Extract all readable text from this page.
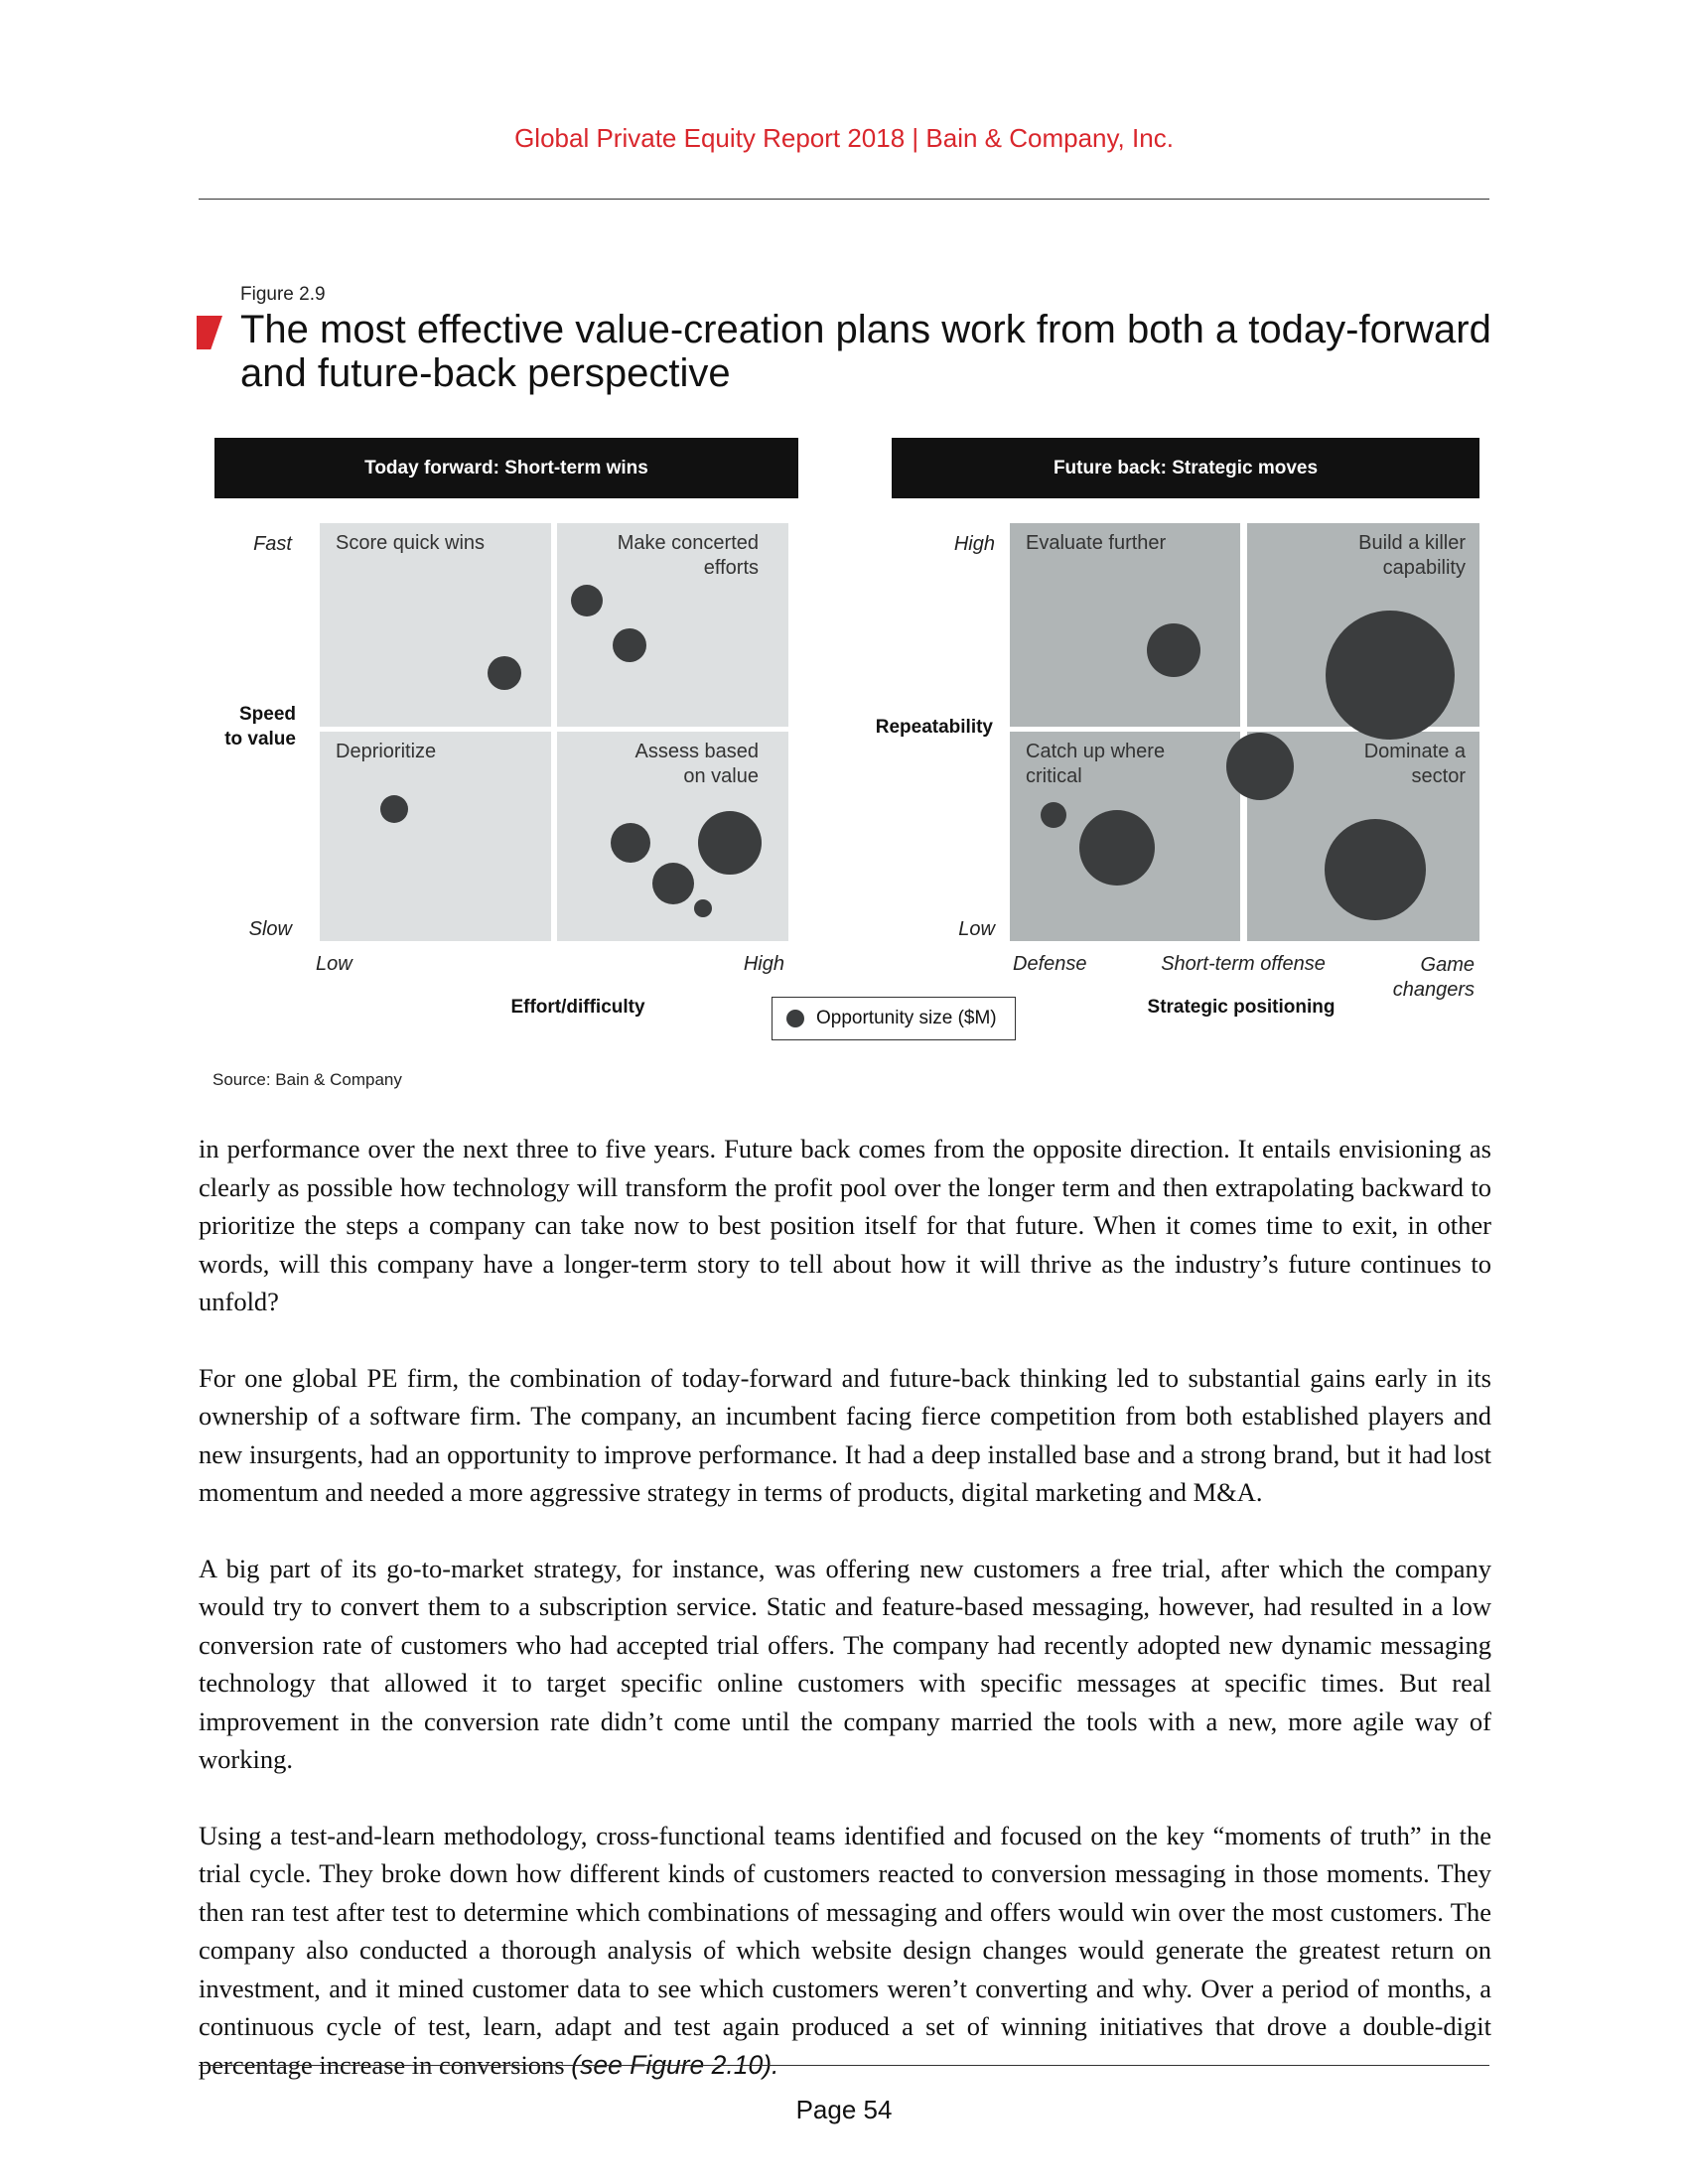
Global Private Equity Report 2018 | Bain & Company, Inc.
Figure 2.9
The most effective value-creation plans work from both a today-forward and future-back perspective
Today forward: Short-term wins
Score quick wins	Make concerted efforts
Deprioritize	Assess based on value
Fast
Slow
Speed to value
Low	High
Effort/difficulty
Future back: Strategic moves
Evaluate further	Build a killer capability
Catch up where critical
Dominate a sector
High
Low
Repeatability
Defense	Short-term offense	Game changers
Strategic positioning
Opportunity size ($M)
Source: Bain & Company

in performance over the next three to five years. Future back comes from the opposite direction. It entails envisioning as clearly as possible how technology will transform the profit pool over the longer term and then extrapolating backward to prioritize the steps a company can take now to best position itself for that future. When it comes time to exit, in other words, will this company have a longer-term story to tell about how it will thrive as the industry’s future continues to unfold?

For one global PE firm, the combination of today-forward and future-back thinking led to substantial gains early in its ownership of a software firm. The company, an incumbent facing fierce competition from both established players and new insurgents, had an opportunity to improve performance. It had a deep installed base and a strong brand, but it had lost momentum and needed a more aggressive strategy in terms of products, digital marketing and M&A.

A big part of its go-to-market strategy, for instance, was offering new customers a free trial, after which the company would try to convert them to a subscription service. Static and feature-based messaging, however, had resulted in a low conversion rate of customers who had accepted trial offers. The company had recently adopted new dynamic messaging technology that allowed it to target specific online customers with specific messages at specific times. But real improvement in the conversion rate didn’t come until the company married the tools with a new, more agile way of working.

Using a test-and-learn methodology, cross-functional teams identified and focused on the key “moments of truth” in the trial cycle. They broke down how different kinds of customers reacted to conversion messaging in those moments. They then ran test after test to determine which combinations of messaging and offers would win over the most customers. The company also conducted a thorough analysis of which website design changes would generate the greatest return on investment, and it mined customer data to see which customers weren’t converting and why. Over a period of months, a continuous cycle of test, learn, adapt and test again produced a set of winning initiatives that drove a double-digit percentage increase in conversions (see Figure 2.10).

Page 54
